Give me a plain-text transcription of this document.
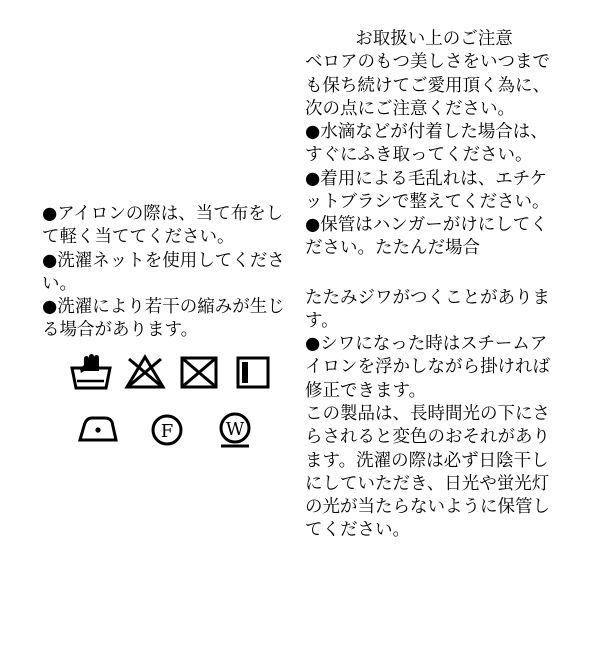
お取扱い上のご注意

ベロアのもつ美しさをいつまでも保ち続けてご愛用頂く為に、次の点にご注意ください。

●水滴などが付着した場合は、すぐにふき取ってください。

●着用による毛乱れは、エチケットブラシで整えてください。

●保管はハンガーがけにしてください。たたんだ場合

たたみジワがつくことがあります。

●シワになった時はスチームアイロンを浮かしながら掛ければ修正できます。

この製品は、長時間光の下にさらされると変色のおそれがあります。洗濯の際は必ず日陰干しにしていただき、日光や蛍光灯の光が当たらないように保管してください。

●アイロンの際は、当て布をして軽く当ててください。

●洗濯ネットを使用してください。

●洗濯により若干の縮みが生じる場合があります。

F	W
